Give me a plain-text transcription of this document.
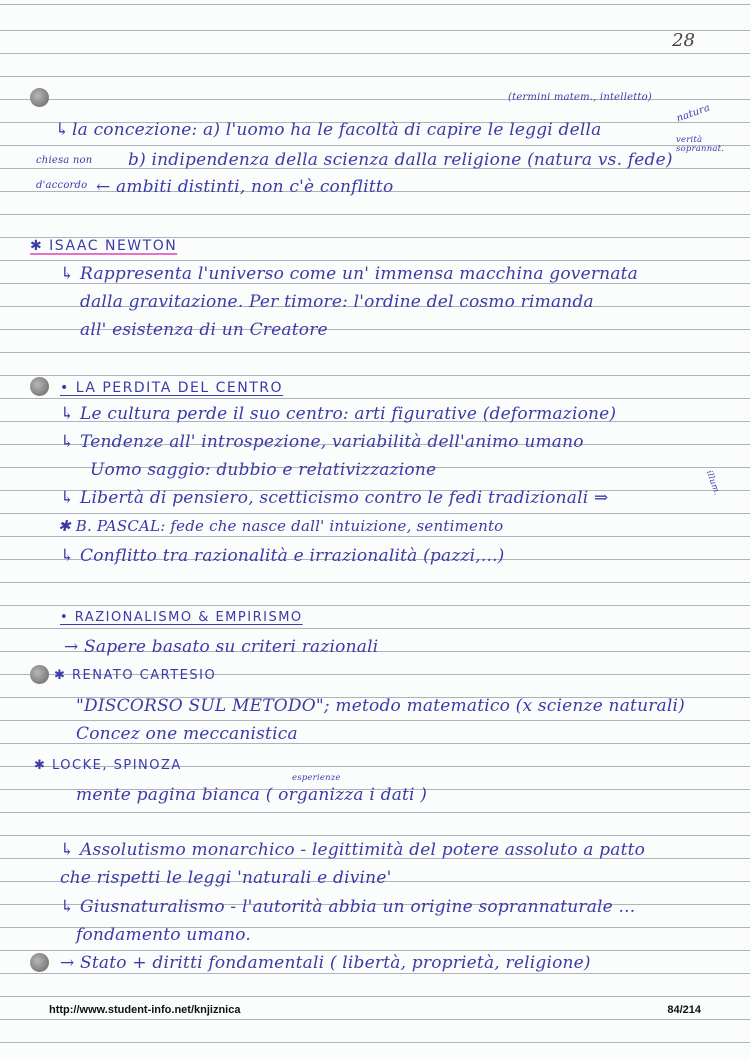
28
(termini matem., intelletto)
natura
↳ la concezione: a) l'uomo ha le facoltà di capire le leggi della	verità soprannat.
chiesa non b) indipendenza della scienza dalla religione (natura vs. fede)
d'accordo ← ambiti distinti, non c'è conflitto
✱ ISAAC NEWTON
↳ Rappresenta l'universo come un' immensa macchina governata
dalla gravitazione. Per timore: l'ordine del cosmo rimanda
all' esistenza di un Creatore
• LA PERDITA DEL CENTRO
↳ Le cultura perde il suo centro: arti figurative (deformazione)
↳ Tendenze all' introspezione, variabilità dell'animo umano
Uomo saggio: dubbio e relativizzazione
↳ Libertà di pensiero, scetticismo contro le fedi tradizionali ⇒
illum.
✱ B. PASCAL: fede che nasce dall' intuizione, sentimento
↳ Conflitto tra razionalità e irrazionalità (pazzi,...)
• RAZIONALISMO & EMPIRISMO
→ Sapere basato su criteri razionali
✱ RENATO CARTESIO
"DISCORSO SUL METODO"; metodo matematico (x scienze naturali)
Concez one meccanistica
✱ LOCKE, SPINOZA
esperienze
mente pagina bianca ( organizza i dati )
↳ Assolutismo monarchico - legittimità del potere assoluto a patto
che rispetti le leggi 'naturali e divine'
↳ Giusnaturalismo - l'autorità abbia un origine soprannaturale ...
fondamento umano.
→ Stato + diritti fondamentali ( libertà, proprietà, religione)
http://www.student-info.net/knjiznica	84/214
